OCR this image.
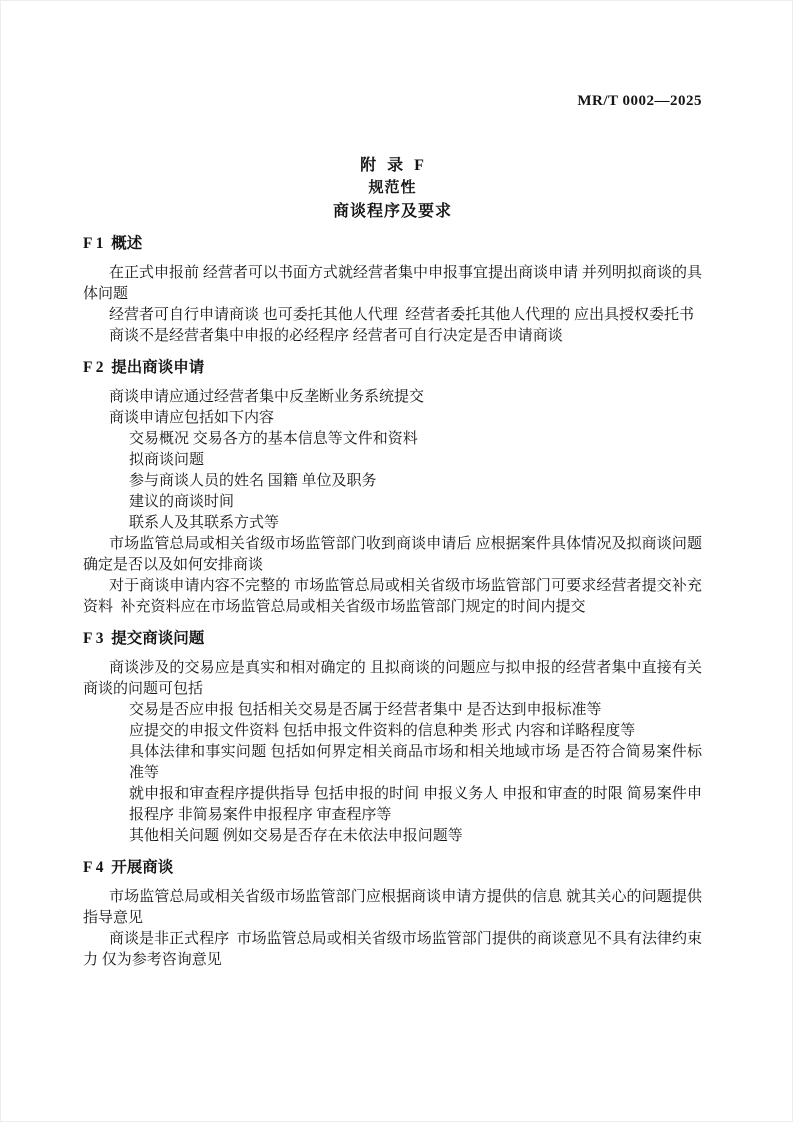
MR/T 0002—2025
附  录  F
规范性
商谈程序及要求
F 1  概述

在正式申报前 经营者可以书面方式就经营者集中申报事宜提出商谈申请 并列明拟商谈的具体问题

经营者可自行申请商谈 也可委托其他人代理  经营者委托其他人代理的 应出具授权委托书

商谈不是经营者集中申报的必经程序 经营者可自行决定是否申请商谈

F 2  提出商谈申请

商谈申请应通过经营者集中反垄断业务系统提交

商谈申请应包括如下内容

交易概况 交易各方的基本信息等文件和资料

拟商谈问题

参与商谈人员的姓名 国籍 单位及职务

建议的商谈时间

联系人及其联系方式等

市场监管总局或相关省级市场监管部门收到商谈申请后 应根据案件具体情况及拟商谈问题确定是否以及如何安排商谈

对于商谈申请内容不完整的 市场监管总局或相关省级市场监管部门可要求经营者提交补充资料  补充资料应在市场监管总局或相关省级市场监管部门规定的时间内提交

F 3  提交商谈问题

商谈涉及的交易应是真实和相对确定的 且拟商谈的问题应与拟申报的经营者集中直接有关  商谈的问题可包括

交易是否应申报 包括相关交易是否属于经营者集中 是否达到申报标准等

应提交的申报文件资料 包括申报文件资料的信息种类 形式 内容和详略程度等

具体法律和事实问题 包括如何界定相关商品市场和相关地域市场 是否符合简易案件标准等

就申报和审查程序提供指导 包括申报的时间 申报义务人 申报和审查的时限 简易案件申报程序 非简易案件申报程序 审查程序等

其他相关问题 例如交易是否存在未依法申报问题等

F 4  开展商谈

市场监管总局或相关省级市场监管部门应根据商谈申请方提供的信息 就其关心的问题提供指导意见

商谈是非正式程序  市场监管总局或相关省级市场监管部门提供的商谈意见不具有法律约束力 仅为参考咨询意见
